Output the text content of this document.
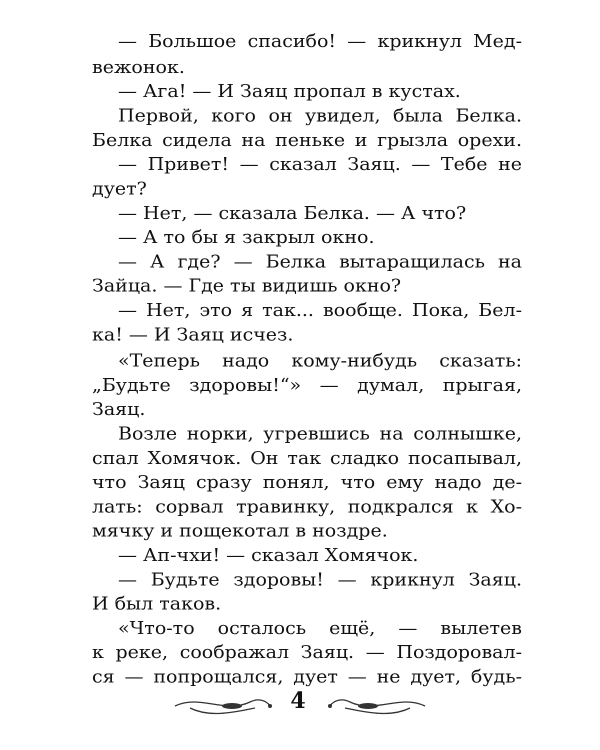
— Большое спасибо! — крикнул Мед-
вежонок.
— Ага! — И Заяц пропал в кустах.
Первой, кого он увидел, была Белка.
Белка сидела на пеньке и грызла орехи.
— Привет! — сказал Заяц. — Тебе не
дует?
— Нет, — сказала Белка. — А что?
— А то бы я закрыл окно.
— А где? — Белка вытаращилась на
Зайца. — Где ты видишь окно?
— Нет, это я так... вообще. Пока, Бел-
ка! — И Заяц исчез.
«Теперь надо кому-нибудь сказать:
„Будьте здоровы!“» — думал, прыгая,
Заяц.
Возле норки, угревшись на солнышке,
спал Хомячок. Он так сладко посапывал,
что Заяц сразу понял, что ему надо де-
лать: сорвал травинку, подкрался к Хо-
мячку и пощекотал в ноздре.
— Ап-чхи! — сказал Хомячок.
— Будьте здоровы! — крикнул Заяц.
И был таков.
«Что-то осталось ещё, — вылетев
к реке, соображал Заяц. — Поздоровал-
ся — попрощался, дует — не дует, будь-
4
